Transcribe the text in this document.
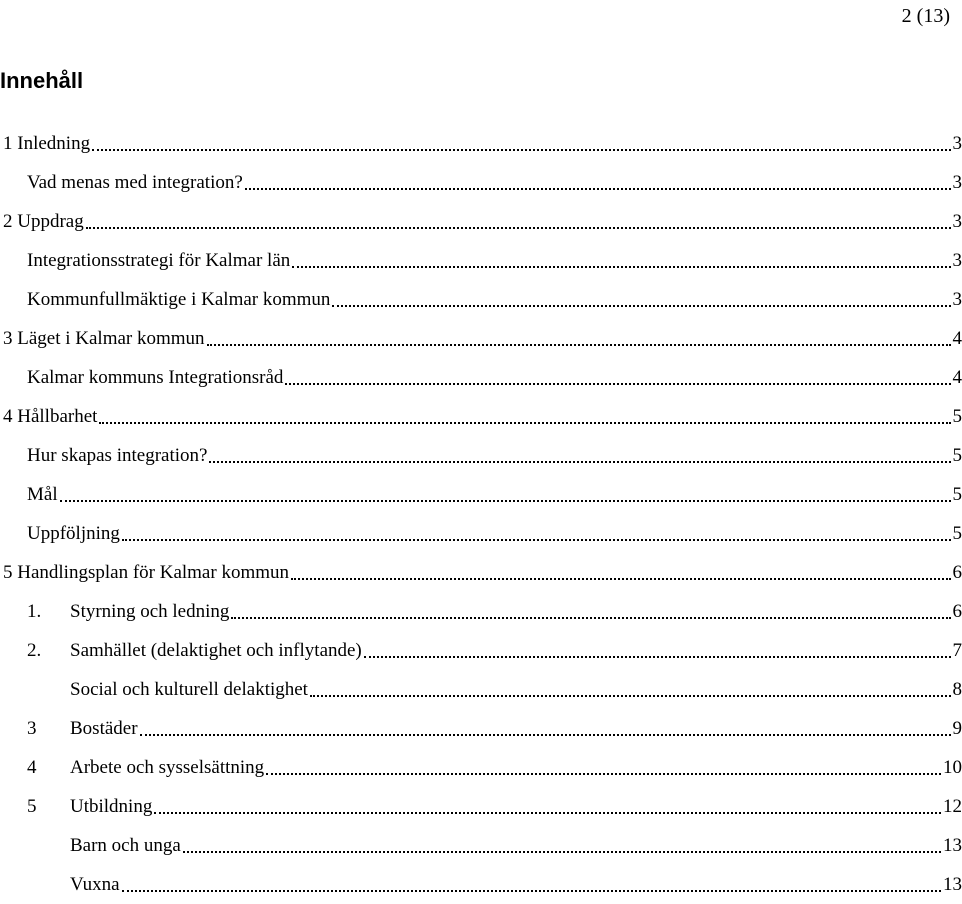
2 (13)
Innehåll
1 Inledning	3
Vad menas med integration?	3
2 Uppdrag	3
Integrationsstrategi för Kalmar län	3
Kommunfullmäktige i Kalmar kommun	3
3 Läget i Kalmar kommun	4
Kalmar kommuns Integrationsråd	4
4 Hållbarhet	5
Hur skapas integration?	5
Mål	5
Uppföljning	5
5 Handlingsplan för Kalmar kommun	6
1.	Styrning och ledning	6
2.	Samhället (delaktighet och inflytande)	7
Social och kulturell delaktighet	8
3	Bostäder	9
4	Arbete och sysselsättning	10
5	Utbildning	12
Barn och unga	13
Vuxna	13
